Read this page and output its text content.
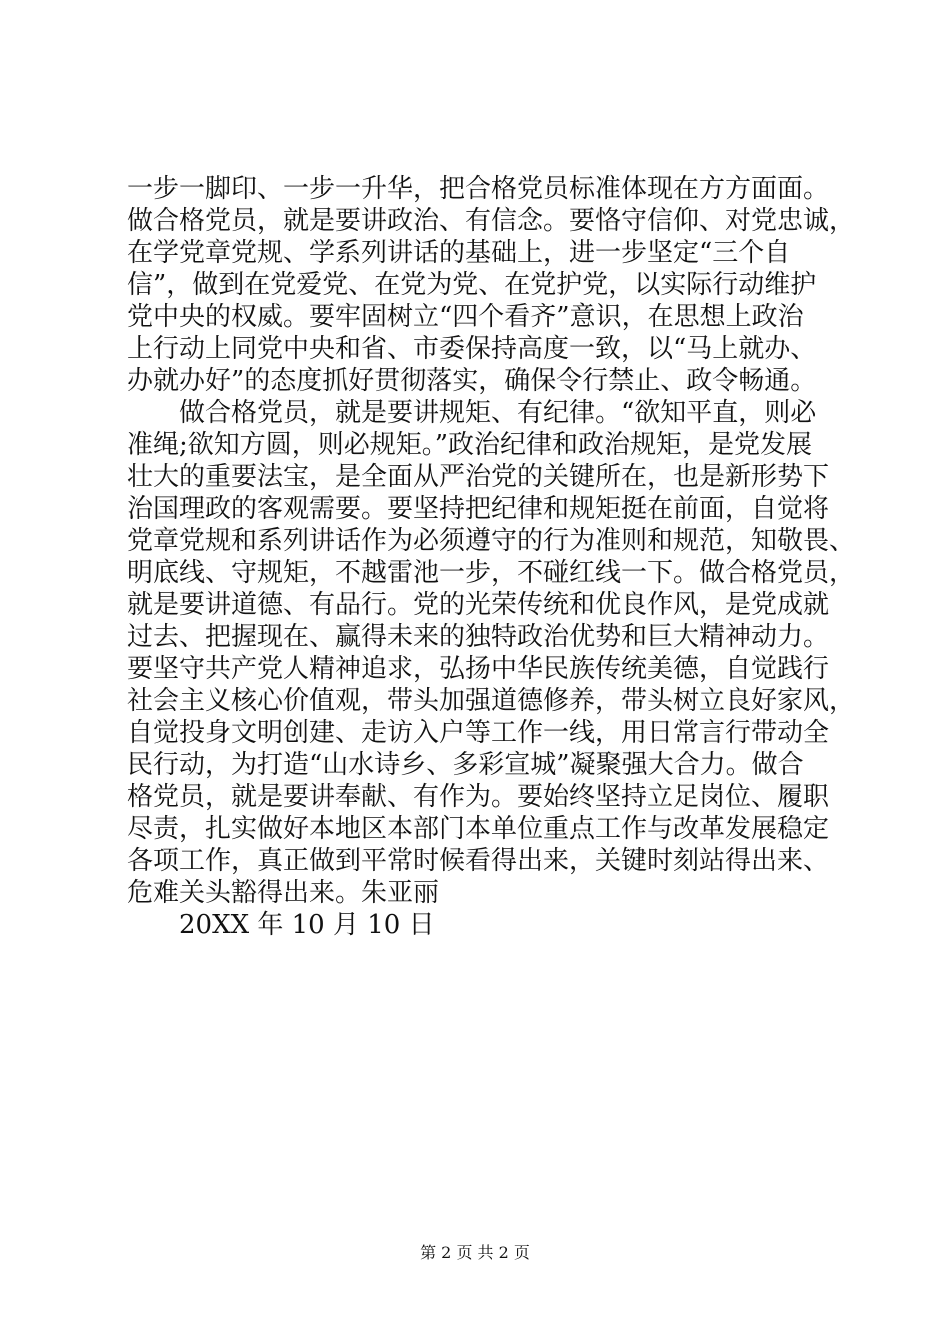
一步一脚印、一步一升华，把合格党员标准体现在方方面面。
做合格党员，就是要讲政治、有信念。要恪守信仰、对党忠诚，
在学党章党规、学系列讲话的基础上，进一步坚定“三个自
信”，做到在党爱党、在党为党、在党护党，以实际行动维护
党中央的权威。要牢固树立“四个看齐”意识，在思想上政治
上行动上同党中央和省、市委保持高度一致，以“马上就办、
办就办好”的态度抓好贯彻落实，确保令行禁止、政令畅通。
做合格党员，就是要讲规矩、有纪律。“欲知平直，则必
准绳;欲知方圆，则必规矩。”政治纪律和政治规矩，是党发展
壮大的重要法宝，是全面从严治党的关键所在，也是新形势下
治国理政的客观需要。要坚持把纪律和规矩挺在前面，自觉将
党章党规和系列讲话作为必须遵守的行为准则和规范，知敬畏、
明底线、守规矩，不越雷池一步，不碰红线一下。做合格党员，
就是要讲道德、有品行。党的光荣传统和优良作风，是党成就
过去、把握现在、赢得未来的独特政治优势和巨大精神动力。
要坚守共产党人精神追求，弘扬中华民族传统美德，自觉践行
社会主义核心价值观，带头加强道德修养，带头树立良好家风，
自觉投身文明创建、走访入户等工作一线，用日常言行带动全
民行动，为打造“山水诗乡、多彩宣城”凝聚强大合力。做合
格党员，就是要讲奉献、有作为。要始终坚持立足岗位、履职
尽责，扎实做好本地区本部门本单位重点工作与改革发展稳定
各项工作，真正做到平常时候看得出来，关键时刻站得出来、
危难关头豁得出来。朱亚丽
20XX 年 10 月 10 日
第 2 页 共 2 页
